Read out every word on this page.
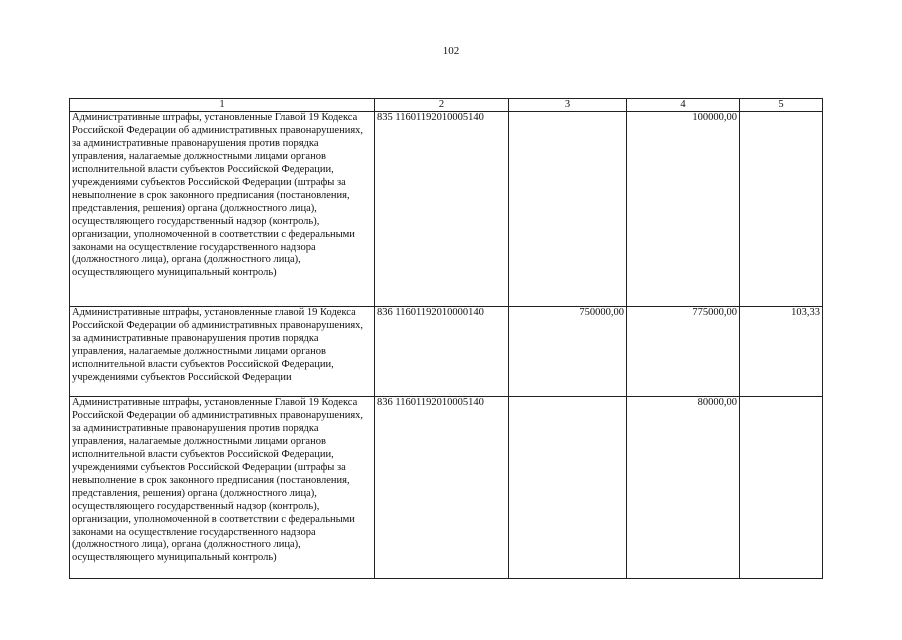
102
1	2	3	4	5
Административные штрафы, установленные Главой 19 Кодекса Российской Федерации об административных правонарушениях, за административные правонарушения против порядка управления, налагаемые должностными лицами органов исполнительной власти субъектов Российской Федерации, учреждениями субъектов Российской Федерации (штрафы за невыполнение в срок законного предписания (постановления, представления, решения) органа (должностного лица), осуществляющего государственный надзор (контроль), организации, уполномоченной в соответствии с федеральными законами на осуществление государственного надзора (должностного лица), органа (должностного лица), осуществляющего муниципальный контроль)	835 11601192010005140		100000,00	
Административные штрафы, установленные главой 19 Кодекса Российской Федерации об административных правонарушениях, за административные правонарушения против порядка управления, налагаемые должностными лицами органов исполнительной власти субъектов Российской Федерации, учреждениями субъектов Российской Федерации	836 11601192010000140	750000,00	775000,00	103,33
Административные штрафы, установленные Главой 19 Кодекса Российской Федерации об административных правонарушениях, за административные правонарушения против порядка управления, налагаемые должностными лицами органов исполнительной власти субъектов Российской Федерации, учреждениями субъектов Российской Федерации (штрафы за невыполнение в срок законного предписания (постановления, представления, решения) органа (должностного лица), осуществляющего государственный надзор (контроль), организации, уполномоченной в соответствии с федеральными законами на осуществление государственного надзора (должностного лица), органа (должностного лица), осуществляющего муниципальный контроль)	836 11601192010005140		80000,00	
